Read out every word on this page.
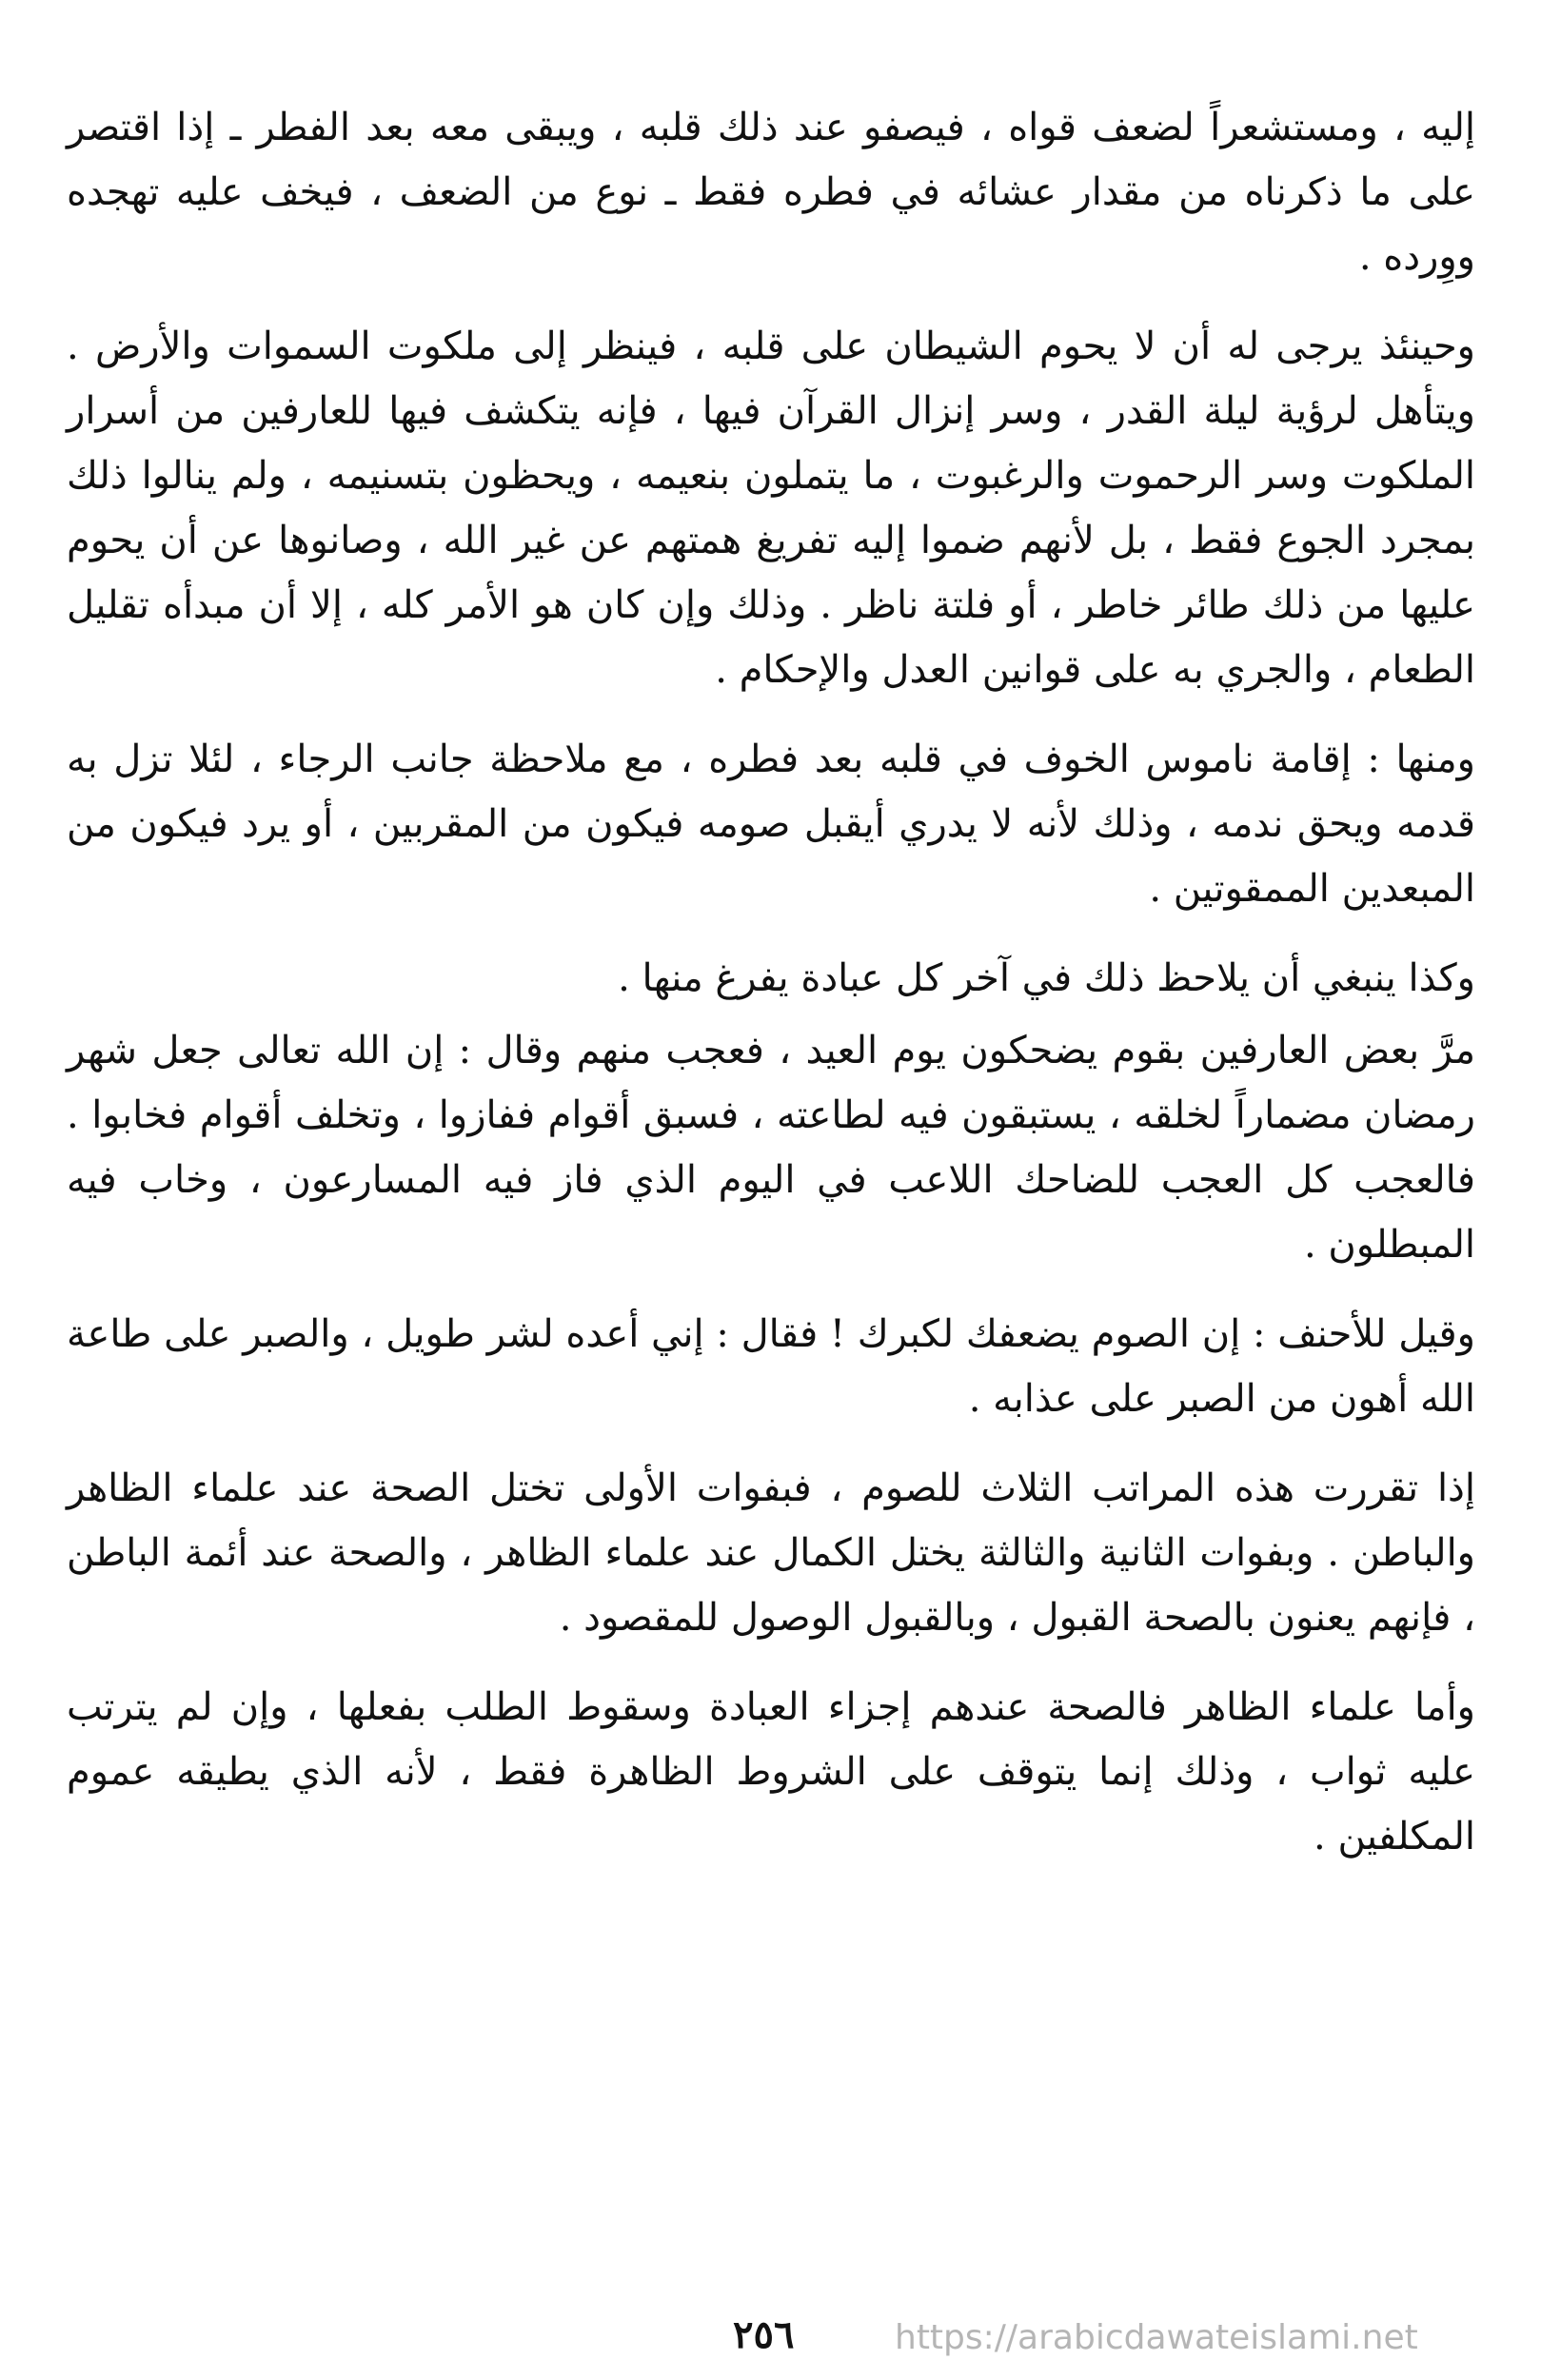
إليه ، ومستشعراً لضعف قواه ، فيصفو عند ذلك قلبه ، ويبقى معه بعد الفطر ـ إذا اقتصر على ما ذكرناه من مقدار عشائه في فطره فقط ـ نوع من الضعف ، فيخف عليه تهجده ووِرده .

وحينئذ يرجى له أن لا يحوم الشيطان على قلبه ، فينظر إلى ملكوت السموات والأرض . ويتأهل لرؤية ليلة القدر ، وسر إنزال القرآن فيها ، فإنه يتكشف فيها للعارفين من أسرار الملكوت وسر الرحموت والرغبوت ، ما يتملون بنعيمه ، ويحظون بتسنيمه ، ولم ينالوا ذلك بمجرد الجوع فقط ، بل لأنهم ضموا إليه تفريغ همتهم عن غير الله ، وصانوها عن أن يحوم عليها من ذلك طائر خاطر ، أو فلتة ناظر . وذلك وإن كان هو الأمر كله ، إلا أن مبدأه تقليل الطعام ، والجري به على قوانين العدل والإحكام .

ومنها : إقامة ناموس الخوف في قلبه بعد فطره ، مع ملاحظة جانب الرجاء ، لئلا تزل به قدمه ويحق ندمه ، وذلك لأنه لا يدري أيقبل صومه فيكون من المقربين ، أو يرد فيكون من المبعدين الممقوتين .

وكذا ينبغي أن يلاحظ ذلك في آخر كل عبادة يفرغ منها .

مرَّ بعض العارفين بقوم يضحكون يوم العيد ، فعجب منهم وقال : إن الله تعالى جعل شهر رمضان مضماراً لخلقه ، يستبقون فيه لطاعته ، فسبق أقوام ففازوا ، وتخلف أقوام فخابوا . فالعجب كل العجب للضاحك اللاعب في اليوم الذي فاز فيه المسارعون ، وخاب فيه المبطلون .

وقيل للأحنف : إن الصوم يضعفك لكبرك ! فقال : إني أعده لشر طويل ، والصبر على طاعة الله أهون من الصبر على عذابه .

إذا تقررت هذه المراتب الثلاث للصوم ، فبفوات الأولى تختل الصحة عند علماء الظاهر والباطن . وبفوات الثانية والثالثة يختل الكمال عند علماء الظاهر ، والصحة عند أئمة الباطن ، فإنهم يعنون بالصحة القبول ، وبالقبول الوصول للمقصود .

وأما علماء الظاهر فالصحة عندهم إجزاء العبادة وسقوط الطلب بفعلها ، وإن لم يترتب عليه ثواب ، وذلك إنما يتوقف على الشروط الظاهرة فقط ، لأنه الذي يطيقه عموم المكلفين .

٢٥٦	https://arabicdawateislami.net
